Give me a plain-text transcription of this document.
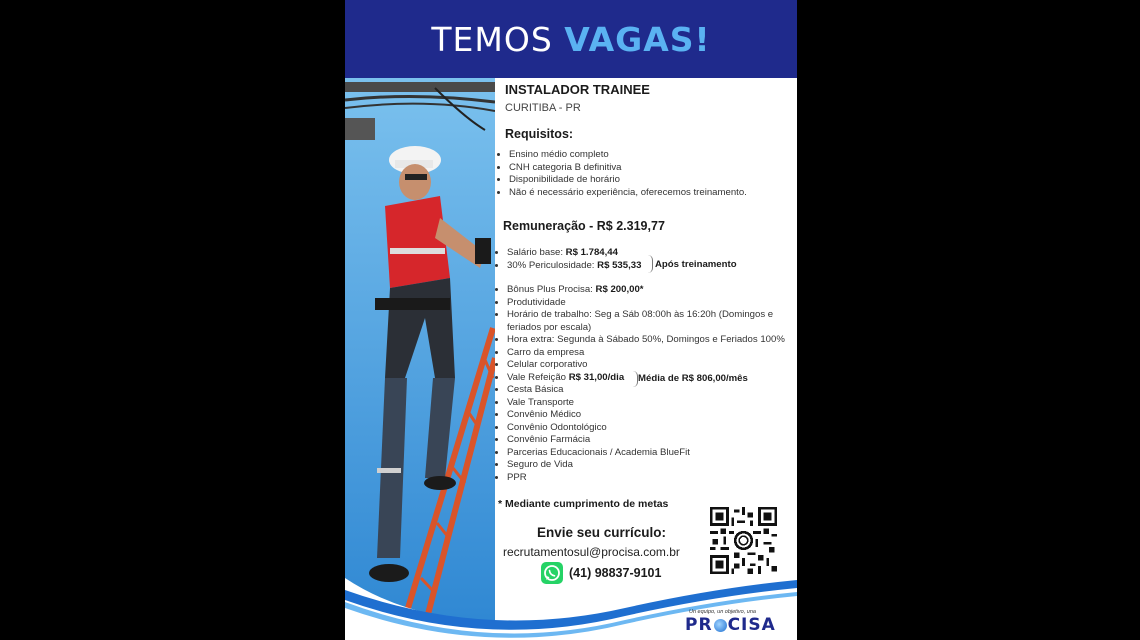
TEMOS VAGAS!
INSTALADOR TRAINEE
CURITIBA - PR
Requisitos:
• Ensino médio completo
• CNH categoria B definitiva
• Disponibilidade de horário
• Não é necessário experiência, oferecemos treinamento.
Remuneração - R$ 2.319,77
• Salário base: R$ 1.784,44
• 30% Periculosidade: R$ 535,33	Após treinamento
• Bônus Plus Procisa: R$ 200,00*
• Produtividade
• Horário de trabalho: Seg a Sáb 08:00h às 16:20h (Domingos e feriados por escala)
• Hora extra: Segunda à Sábado 50%, Domingos e Feriados 100%
• Carro da empresa
• Celular corporativo
• Vale Refeição R$ 31,00/dia
• Cesta Básica
• Vale Transporte
• Convênio Médico
• Convênio Odontológico
• Convênio Farmácia
• Parcerias Educacionais / Academia BlueFit
• Seguro de Vida
• PPR
Média de R$ 806,00/mês
* Mediante cumprimento de metas
Envie seu currículo:
recrutamentosul@procisa.com.br
(41) 98837-9101
Un equipo, un objetivo, una
PR CISA
